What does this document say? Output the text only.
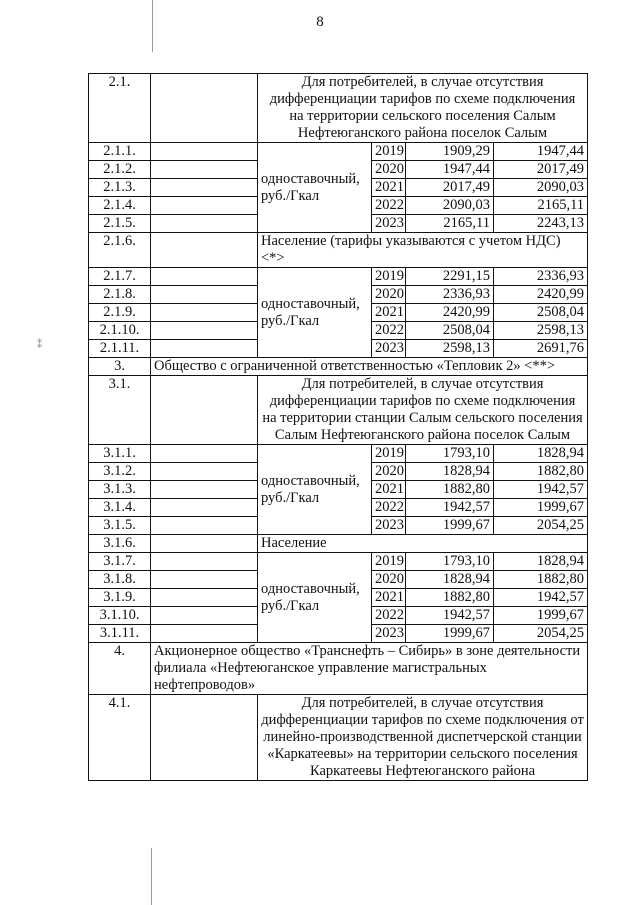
8
⁑
2.1.		Для потребителей, в случае отсутствия дифференциации тарифов по схеме подключения на территории сельского поселения Салым Нефтеюганского района поселок Салым			
2.1.1.		одноставочный, руб./Гкал	2019	1909,29	1947,44
2.1.2.			2020	1947,44	2017,49
2.1.3.			2021	2017,49	2090,03
2.1.4.			2022	2090,03	2165,11
2.1.5.			2023	2165,11	2243,13
2.1.6.		Население (тарифы указываются с учетом НДС) <*>			
2.1.7.		одноставочный, руб./Гкал	2019	2291,15	2336,93
2.1.8.			2020	2336,93	2420,99
2.1.9.			2021	2420,99	2508,04
2.1.10.			2022	2508,04	2598,13
2.1.11.			2023	2598,13	2691,76
3.	Общество с ограниченной ответственностью «Тепловик 2» <**>				
3.1.		Для потребителей, в случае отсутствия дифференциации тарифов по схеме подключения на территории станции Салым сельского поселения Салым Нефтеюганского района поселок Салым			
3.1.1.		одноставочный, руб./Гкал	2019	1793,10	1828,94
3.1.2.			2020	1828,94	1882,80
3.1.3.			2021	1882,80	1942,57
3.1.4.			2022	1942,57	1999,67
3.1.5.			2023	1999,67	2054,25
3.1.6.		Население			
3.1.7.		одноставочный, руб./Гкал	2019	1793,10	1828,94
3.1.8.			2020	1828,94	1882,80
3.1.9.			2021	1882,80	1942,57
3.1.10.			2022	1942,57	1999,67
3.1.11.			2023	1999,67	2054,25
4.	Акционерное общество «Транснефть – Сибирь» в зоне деятельности филиала «Нефтеюганское управление магистральных нефтепроводов»				
4.1.		Для потребителей, в случае отсутствия дифференциации тарифов по схеме подключения от линейно-производственной диспетчерской станции «Каркатеевы» на территории сельского поселения Каркатеевы Нефтеюганского района			
